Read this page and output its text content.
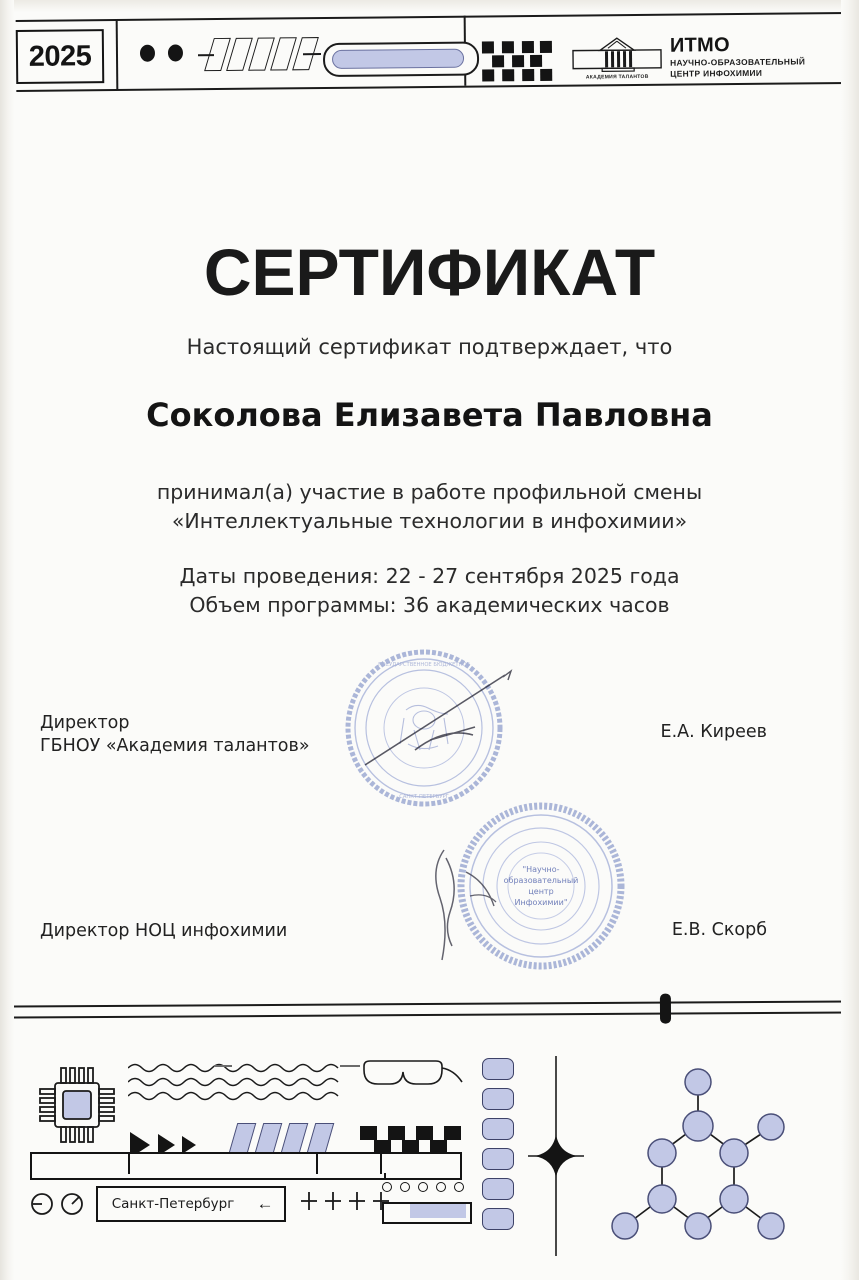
2025
АКАДЕМИЯ ТАЛАНТОВ
ИТМО
НАУЧНО-ОБРАЗОВАТЕЛЬНЫЙ
ЦЕНТР ИНФОХИМИИ
СЕРТИФИКАТ
Настоящий сертификат подтверждает, что
Соколова Елизавета Павловна
принимал(а) участие в работе профильной смены
«Интеллектуальные технологии в инфохимии»
Даты проведения: 22 - 27 сентября 2025 года
Объем программы: 36 академических часов
ГОСУДАРСТВЕННОЕ БЮДЖЕТНОЕ
САНКТ-ПЕТЕРБУРГ
"Научно-
образовательный
центр
Инфохимии"
Директор
ГБНОУ «Академия талантов»
Е.А. Киреев
Директор НОЦ инфохимии	Е.В. Скорб
Санкт-Петербург ←
